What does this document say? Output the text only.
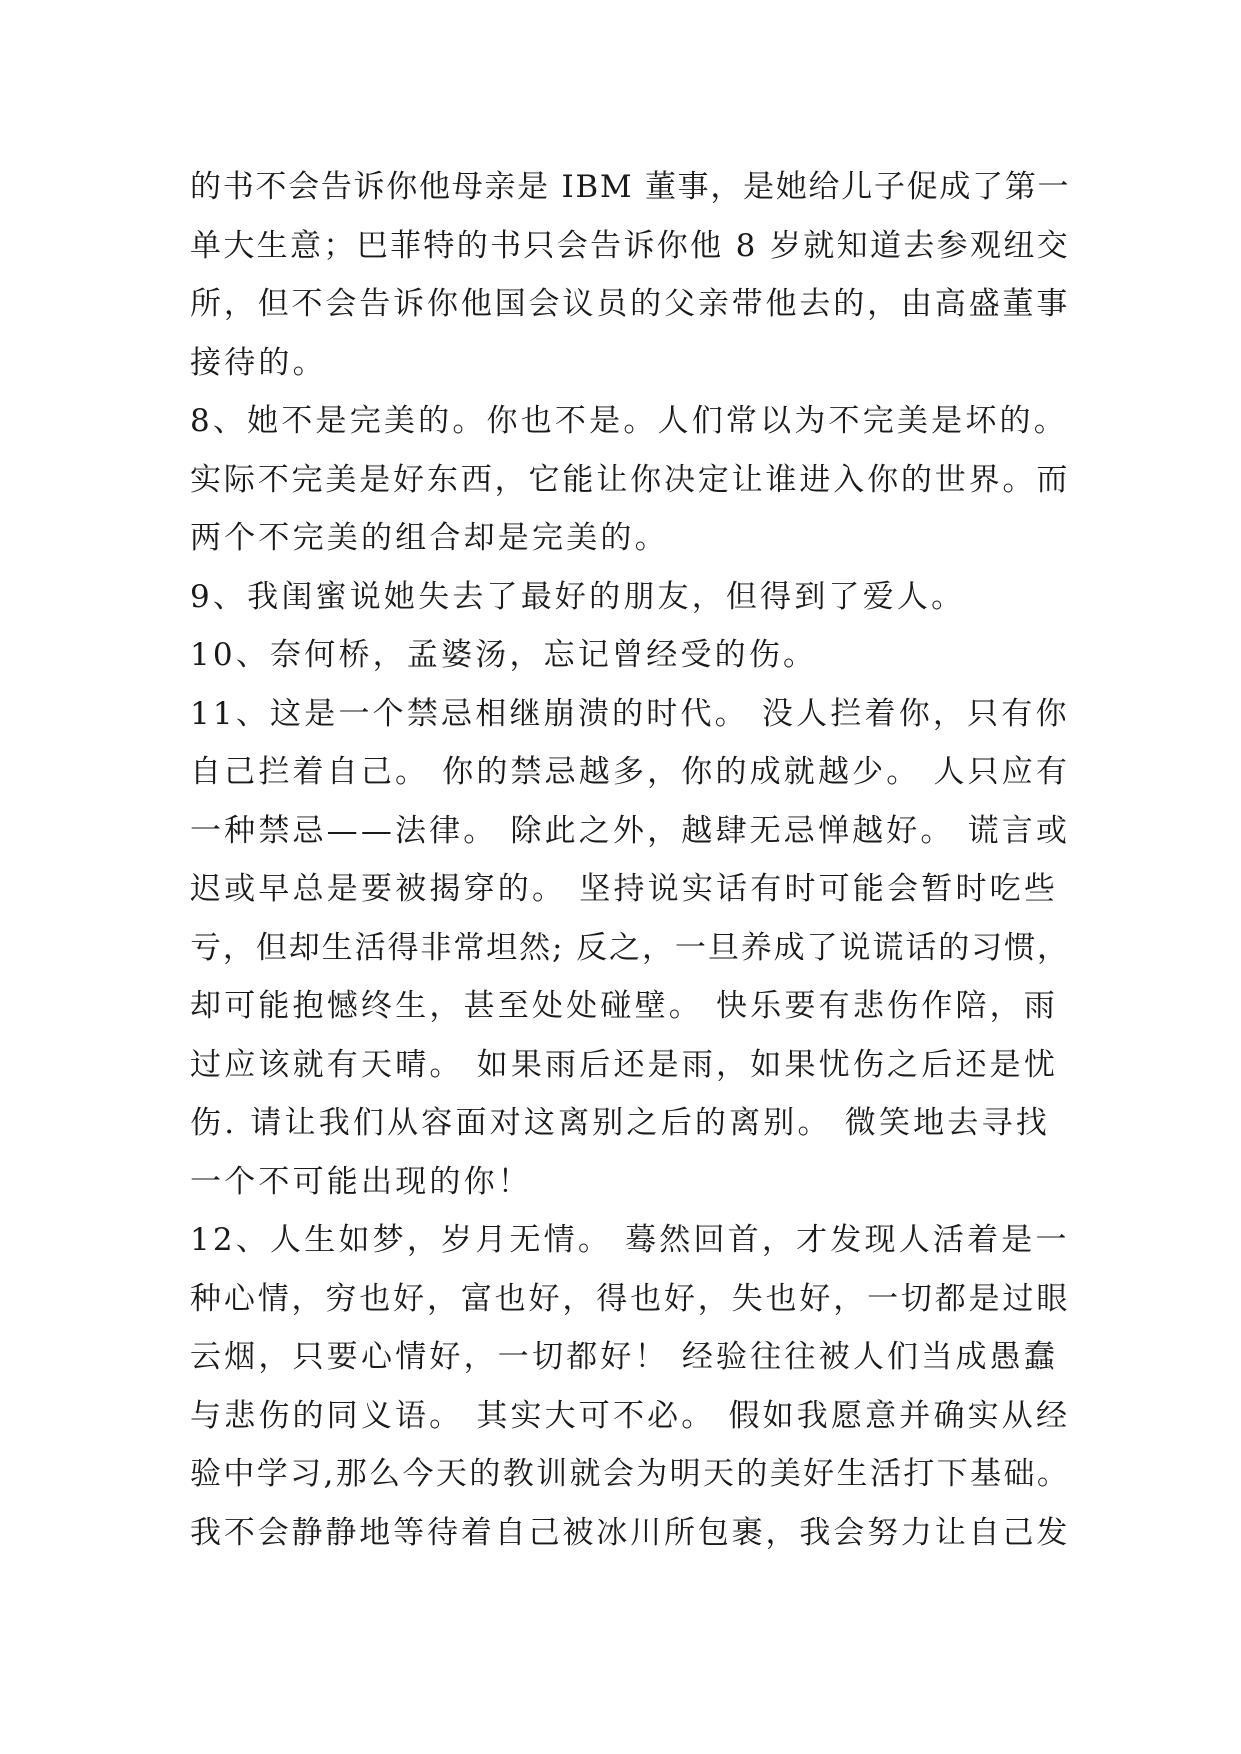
的书不会告诉你他母亲是 IBM 董事，是她给儿子促成了第一
单大生意；巴菲特的书只会告诉你他 8 岁就知道去参观纽交
所，但不会告诉你他国会议员的父亲带他去的，由高盛董事
接待的。
8、她不是完美的。你也不是。人们常以为不完美是坏的。
实际不完美是好东西，它能让你决定让谁进入你的世界。而
两个不完美的组合却是完美的。
9、我闺蜜说她失去了最好的朋友，但得到了爱人。
10、奈何桥，孟婆汤，忘记曾经受的伤。
11、这是一个禁忌相继崩溃的时代。 没人拦着你，只有你
自己拦着自己。 你的禁忌越多，你的成就越少。 人只应有
一种禁忌——法律。 除此之外，越肆无忌惮越好。 谎言或
迟或早总是要被揭穿的。 坚持说实话有时可能会暂时吃些
亏，但却生活得非常坦然; 反之，一旦养成了说谎话的习惯，
却可能抱憾终生，甚至处处碰壁。 快乐要有悲伤作陪，雨
过应该就有天晴。 如果雨后还是雨，如果忧伤之后还是忧
伤. 请让我们从容面对这离别之后的离别。 微笑地去寻找
一个不可能出现的你！
12、人生如梦，岁月无情。 蓦然回首，才发现人活着是一
种心情，穷也好，富也好，得也好，失也好，一切都是过眼
云烟，只要心情好，一切都好！ 经验往往被人们当成愚蠢
与悲伤的同义语。 其实大可不必。 假如我愿意并确实从经
验中学习,那么今天的教训就会为明天的美好生活打下基础。
我不会静静地等待着自己被冰川所包裹，我会努力让自己发
